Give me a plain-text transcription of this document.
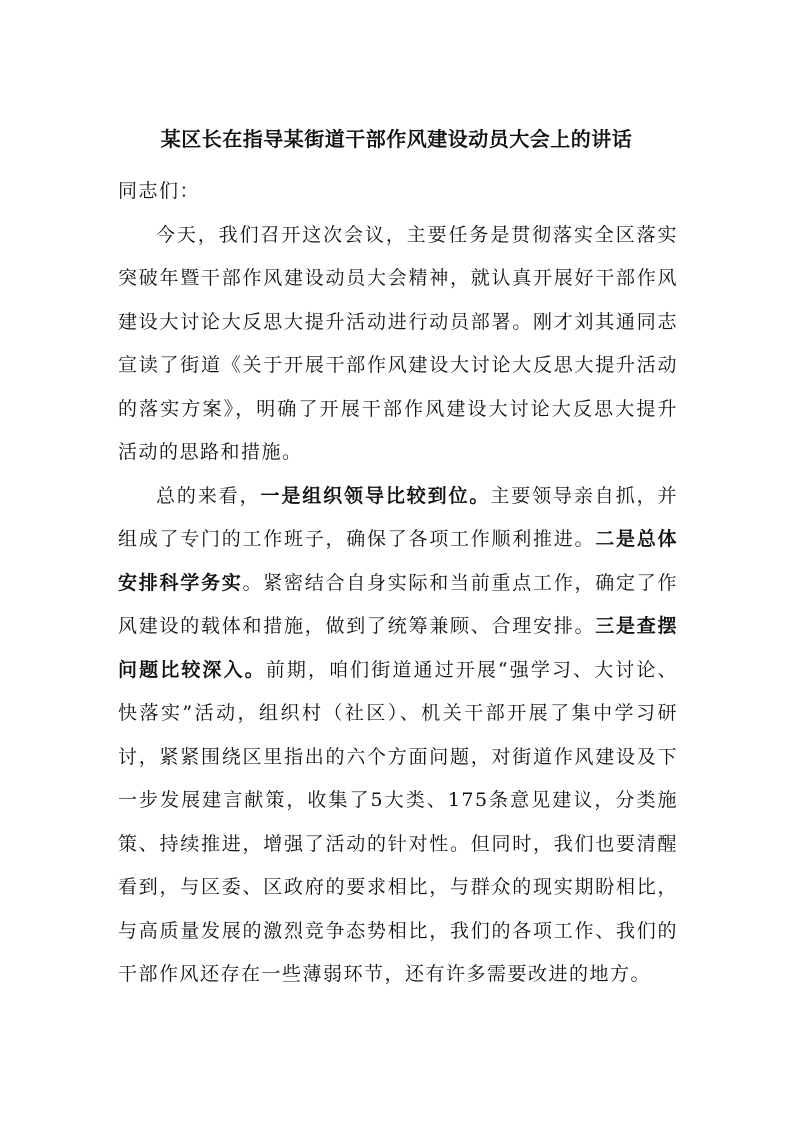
某区长在指导某街道干部作风建设动员大会上的讲话

同志们：

今天，我们召开这次会议，主要任务是贯彻落实全区落实突破年暨干部作风建设动员大会精神，就认真开展好干部作风建设大讨论大反思大提升活动进行动员部署。刚才刘其通同志宣读了街道《关于开展干部作风建设大讨论大反思大提升活动的落实方案》，明确了开展干部作风建设大讨论大反思大提升活动的思路和措施。

总的来看，一是组织领导比较到位。主要领导亲自抓，并组成了专门的工作班子，确保了各项工作顺利推进。二是总体安排科学务实。紧密结合自身实际和当前重点工作，确定了作风建设的载体和措施，做到了统筹兼顾、合理安排。三是查摆问题比较深入。前期，咱们街道通过开展“强学习、大讨论、快落实”活动，组织村（社区）、机关干部开展了集中学习研讨，紧紧围绕区里指出的六个方面问题，对街道作风建设及下一步发展建言献策，收集了5大类、175条意见建议，分类施策、持续推进，增强了活动的针对性。但同时，我们也要清醒看到，与区委、区政府的要求相比，与群众的现实期盼相比，与高质量发展的激烈竞争态势相比，我们的各项工作、我们的干部作风还存在一些薄弱环节，还有许多需要改进的地方。
